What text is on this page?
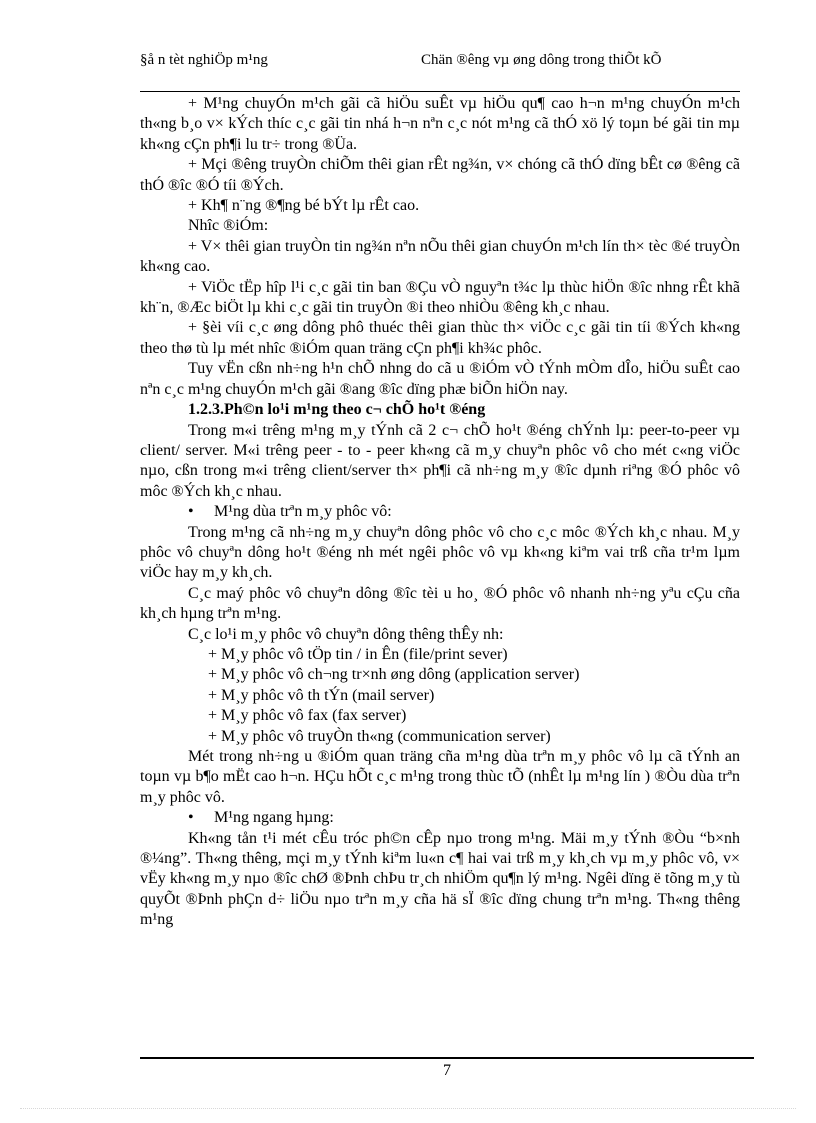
§å n tèt nghiÖp m¹ng	Chän ®êng vµ øng dông trong thiÕt kÕ

+ M¹ng chuyÓn m¹ch gãi cã hiÖu suÊt vµ hiÖu qu¶ cao h¬n m¹ng chuyÓn m¹ch th«ng b¸o v× kÝch thíc c¸c gãi tin nhá h¬n nªn c¸c nót m¹ng cã thÓ xö lý toµn bé gãi tin mµ kh«ng cÇn ph¶i lu tr÷ trong ®Üa.

+ Mçi ®êng truyÒn chiÕm thêi gian rÊt ng¾n, v× chóng cã thÓ dïng bÊt cø ®êng cã thÓ ®îc ®Ó tíi ®Ých.

+ Kh¶ n¨ng ®¶ng bé bÝt lµ rÊt cao.

Nhîc ®iÓm:

+ V× thêi gian truyÒn tin ng¾n nªn nÕu thêi gian chuyÓn m¹ch lín th× tèc ®é truyÒn kh«ng cao.

+ ViÖc tËp hîp l¹i c¸c gãi tin ban ®Çu vÒ nguyªn t¾c lµ thùc hiÖn ®îc nhng rÊt khã kh¨n, ®Æc biÖt lµ khi c¸c gãi tin truyÒn ®i theo nhiÒu ®êng kh¸c nhau.

+ §èi víi c¸c øng dông phô thuéc thêi gian thùc th× viÖc c¸c gãi tin tíi ®Ých kh«ng theo thø tù lµ mét nhîc ®iÓm quan träng cÇn ph¶i kh¾c phôc.

Tuy vËn cßn nh÷ng h¹n chÕ nhng do cã u ®iÓm vÒ tÝnh mÒm dÎo, hiÖu suÊt cao nªn c¸c m¹ng chuyÓn m¹ch gãi ®ang ®îc dïng phæ biÕn hiÖn nay.

1.2.3.Ph©n lo¹i m¹ng theo c¬ chÕ ho¹t ®éng

Trong m«i trêng m¹ng m¸y tÝnh cã 2 c¬ chÕ ho¹t ®éng chÝnh lµ: peer-to-peer vµ client/ server. M«i trêng peer - to - peer kh«ng cã m¸y chuyªn phôc vô cho mét c«ng viÖc nµo, cßn trong m«i trêng client/server th× ph¶i cã nh÷ng m¸y ®îc dµnh riªng ®Ó phôc vô môc ®Ých kh¸c nhau.

• M¹ng dùa trªn m¸y phôc vô:

Trong m¹ng cã nh÷ng m¸y chuyªn dông phôc vô cho c¸c môc ®Ých kh¸c nhau. M¸y phôc vô chuyªn dông ho¹t ®éng nh mét ngêi phôc vô vµ kh«ng kiªm vai trß cña tr¹m lµm viÖc hay m¸y kh¸ch.

C¸c maý phôc vô chuyªn dông ®îc tèi u ho¸ ®Ó phôc vô nhanh nh÷ng yªu cÇu cña kh¸ch hµng trªn m¹ng.

C¸c lo¹i m¸y phôc vô chuyªn dông thêng thÊy nh:

+ M¸y phôc vô tÖp tin / in Ên (file/print sever)

+ M¸y phôc vô ch¬ng tr×nh øng dông (application server)

+ M¸y phôc vô th tÝn (mail server)

+ M¸y phôc vô fax (fax server)

+ M¸y phôc vô truyÒn th«ng (communication server)

Mét trong nh÷ng u ®iÓm quan träng cña m¹ng dùa trªn m¸y phôc vô lµ cã tÝnh an toµn vµ b¶o mËt cao h¬n. HÇu hÕt c¸c m¹ng trong thùc tÕ (nhÊt lµ m¹ng lín ) ®Òu dùa trªn m¸y phôc vô.

• M¹ng ngang hµng:

Kh«ng tån t¹i mét cÊu tróc ph©n cÊp nµo trong m¹ng. Mäi m¸y tÝnh ®Òu “b×nh ®¼ng”. Th«ng thêng, mçi m¸y tÝnh kiªm lu«n c¶ hai vai trß m¸y kh¸ch vµ m¸y phôc vô, v× vËy kh«ng m¸y nµo ®îc chØ ®Þnh chÞu tr¸ch nhiÖm qu¶n lý m¹ng. Ngêi dïng ë tõng m¸y tù quyÕt ®Þnh phÇn d÷ liÖu nµo trªn m¸y cña hä sÏ ®îc dïng chung trªn m¹ng. Th«ng thêng m¹ng

7
